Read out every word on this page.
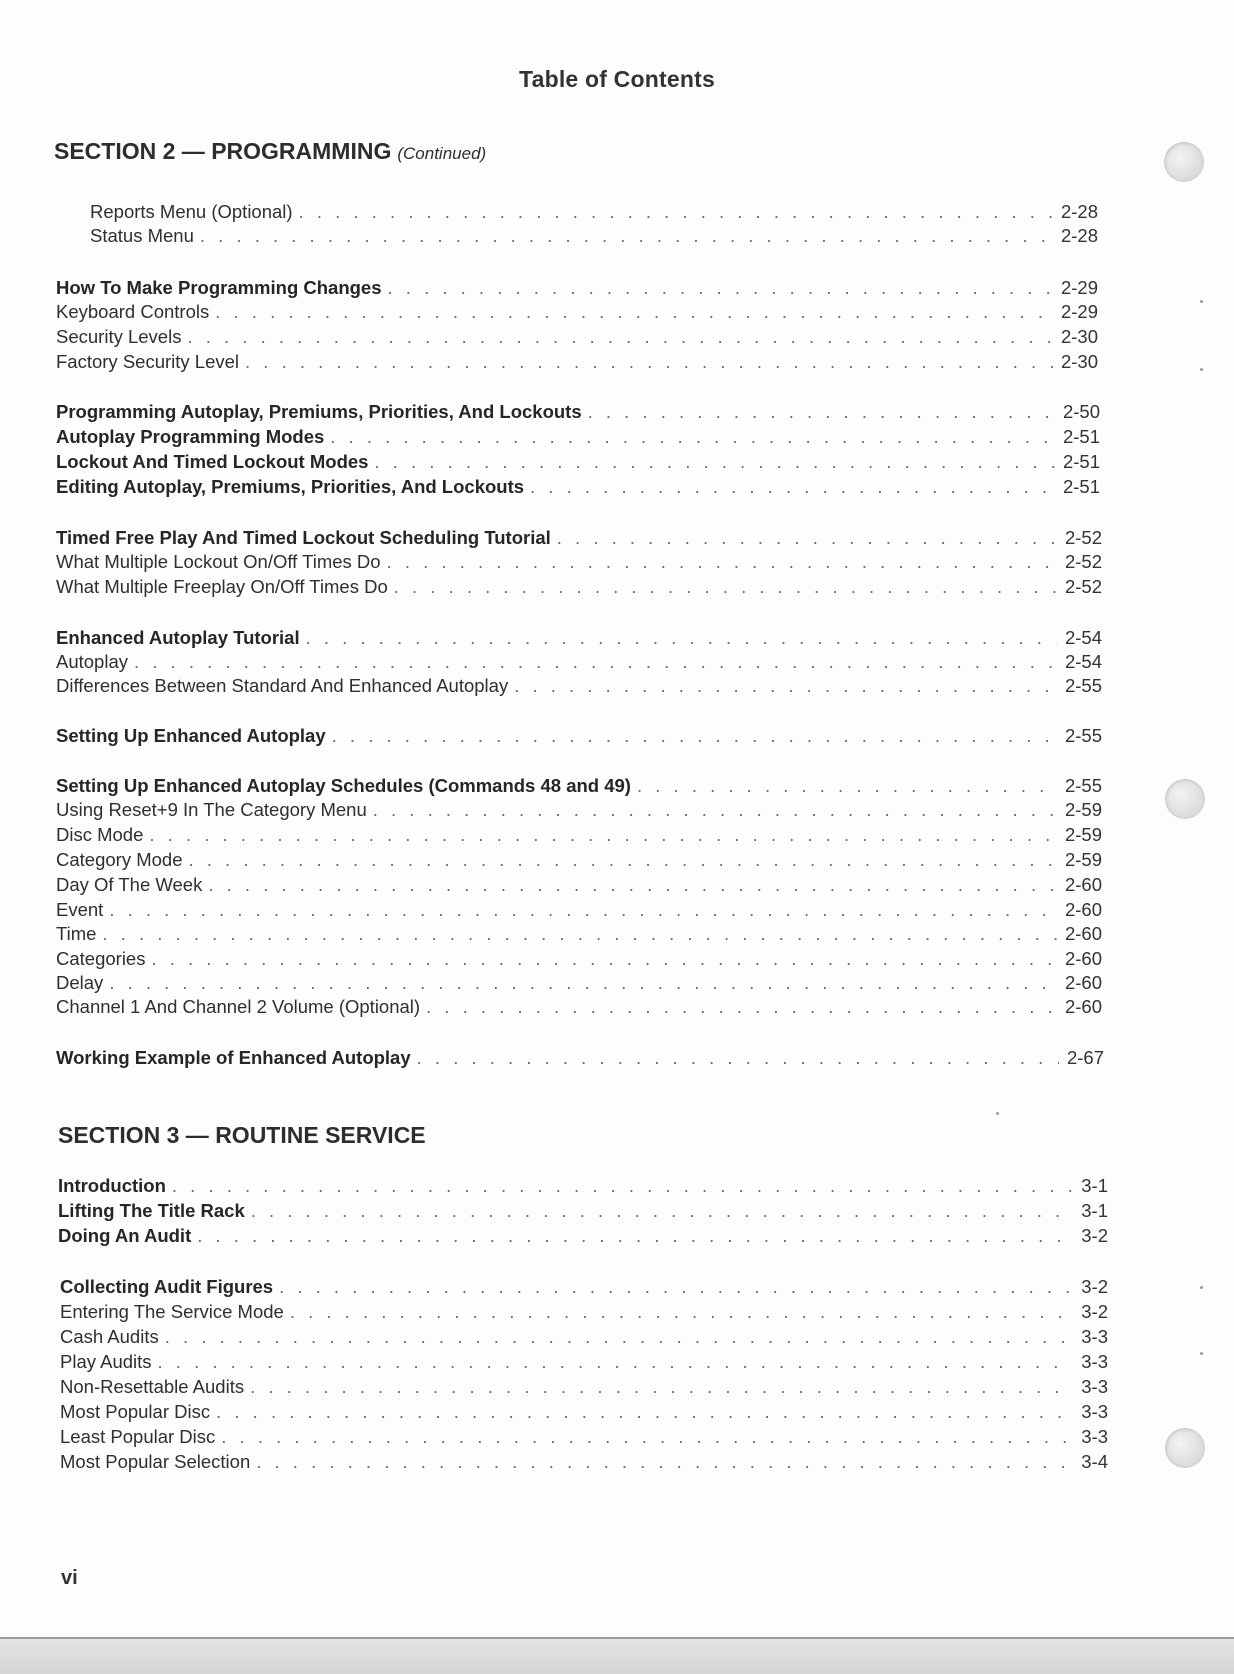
Table of Contents
SECTION 2 — PROGRAMMING (Continued)
Reports Menu (Optional) . . .	2-28
Status Menu . . .	2-28
How To Make Programming Changes . . .	2-29
Keyboard Controls . . .	2-29
Security Levels . . .	2-30
Factory Security Level . . .	2-30
Programming Autoplay, Premiums, Priorities, And Lockouts . . .	2-50
Autoplay Programming Modes . . .	2-51
Lockout And Timed Lockout Modes . . .	2-51
Editing Autoplay, Premiums, Priorities, And Lockouts . . .	2-51
Timed Free Play And Timed Lockout Scheduling Tutorial . . .	2-52
What Multiple Lockout On/Off Times Do . . .	2-52
What Multiple Freeplay On/Off Times Do . . .	2-52
Enhanced Autoplay Tutorial . . .	2-54
Autoplay . . .	2-54
Differences Between Standard And Enhanced Autoplay . . .	2-55
Setting Up Enhanced Autoplay . . .	2-55
Setting Up Enhanced Autoplay Schedules (Commands 48 and 49) . . .	2-55
Using Reset+9 In The Category Menu . . .	2-59
Disc Mode . . .	2-59
Category Mode . . .	2-59
Day Of The Week . . .	2-60
Event . . .	2-60
Time . . .	2-60
Categories . . .	2-60
Delay . . .	2-60
Channel 1 And Channel 2 Volume (Optional) . . .	2-60
Working Example of Enhanced Autoplay . . .	2-67
SECTION 3 — ROUTINE SERVICE
Introduction . . .	3-1
Lifting The Title Rack . . .	3-1
Doing An Audit . . .	3-2
Collecting Audit Figures . . .	3-2
Entering The Service Mode . . .	3-2
Cash Audits . . .	3-3
Play Audits . . .	3-3
Non-Resettable Audits . . .	3-3
Most Popular Disc . . .	3-3
Least Popular Disc . . .	3-3
Most Popular Selection . . .	3-4
vi
